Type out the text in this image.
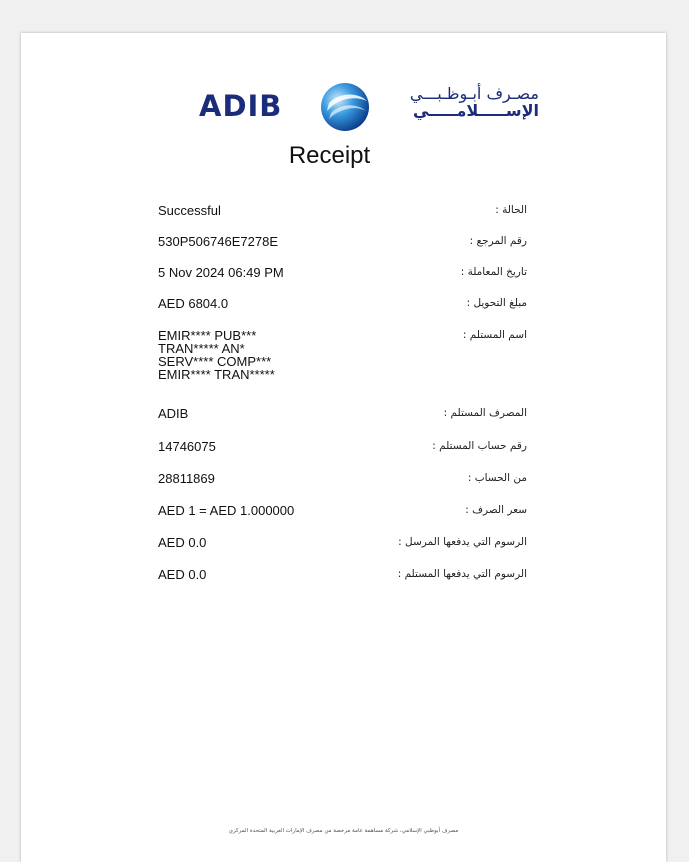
ADIB	مصـرف أبـوظـبـــي
الإســـــلامـــــي
Receipt
Successful	الحالة :
530P506746E7278E	رقم المرجع :
5 Nov 2024 06:49 PM	تاريخ المعاملة :
AED 6804.0	مبلغ التحويل :
EMIR**** PUB***
TRAN***** AN*
SERV**** COMP***
EMIR**** TRAN*****
اسم المستلم :
ADIB	المصرف المستلم :
14746075	رقم حساب المستلم :
28811869	من الحساب :
AED 1 = AED 1.000000	سعر الصرف :
AED 0.0	الرسوم التي يدفعها المرسل :
AED 0.0	الرسوم التي يدفعها المستلم :
مصرف أبوظبي الإسلامي، شركة مساهمة عامة مرخصة من مصرف الإمارات العربية المتحدة المركزي
